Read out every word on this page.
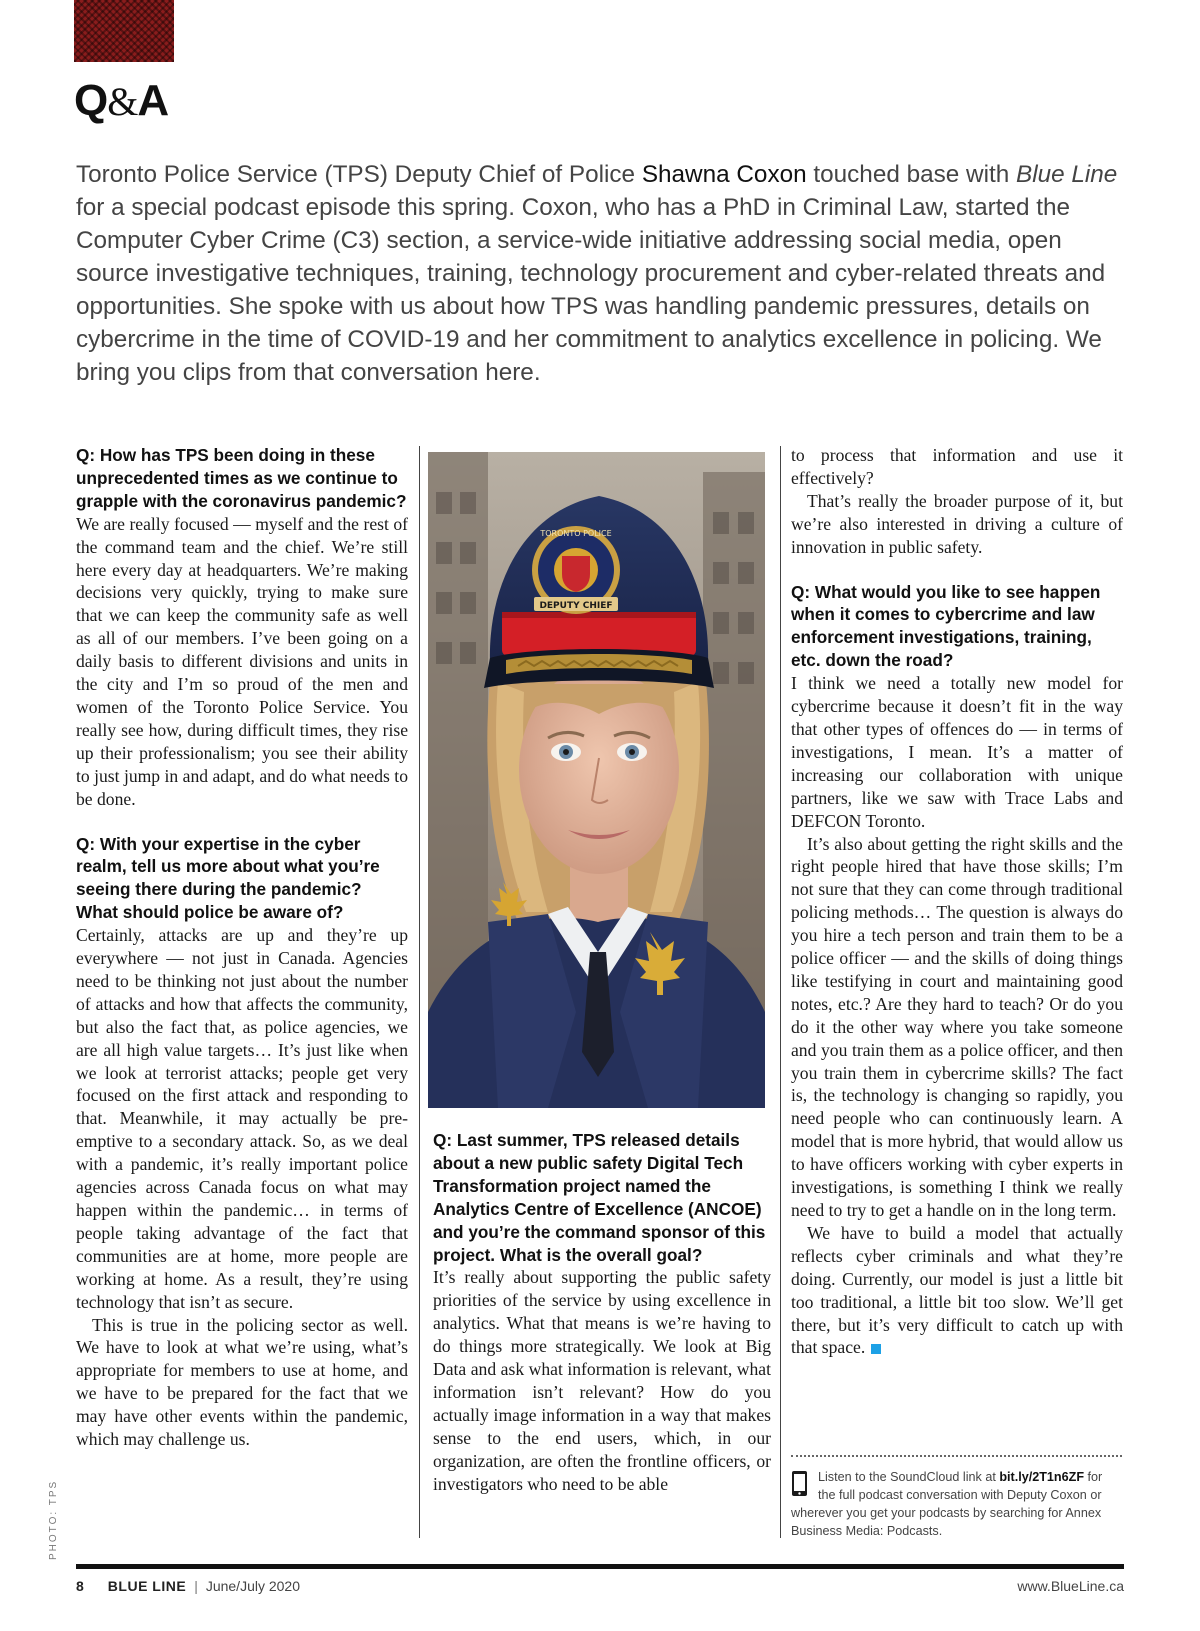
Q&A

Toronto Police Service (TPS) Deputy Chief of Police Shawna Coxon touched base with Blue Line for a special podcast episode this spring. Coxon, who has a PhD in Criminal Law, started the Computer Cyber Crime (C3) section, a service-wide initiative addressing social media, open source investigative techniques, training, technology procurement and cyber-related threats and opportunities. She spoke with us about how TPS was handling pandemic pressures, details on cybercrime in the time of COVID-19 and her commitment to analytics excellence in policing. We bring you clips from that conversation here.

Q: How has TPS been doing in these unprecedented times as we continue to grapple with the coronavirus pandemic?

We are really focused — myself and the rest of the command team and the chief. We’re still here every day at headquarters. We’re making decisions very quickly, trying to make sure that we can keep the community safe as well as all of our members. I’ve been going on a daily basis to different divisions and units in the city and I’m so proud of the men and women of the Toronto Police Service. You really see how, during difficult times, they rise up their professionalism; you see their ability to just jump in and adapt, and do what needs to be done.

Q: With your expertise in the cyber realm, tell us more about what you’re seeing there during the pandemic? What should police be aware of?

Certainly, attacks are up and they’re up everywhere — not just in Canada. Agencies need to be thinking not just about the number of attacks and how that affects the community, but also the fact that, as police agencies, we are all high value targets… It’s just like when we look at terrorist attacks; people get very focused on the first attack and responding to that. Meanwhile, it may actually be pre-emptive to a secondary attack. So, as we deal with a pandemic, it’s really important police agencies across Canada focus on what may happen within the pandemic… in terms of people taking advantage of the fact that communities are at home, more people are working at home. As a result, they’re using technology that isn’t as secure.

This is true in the policing sector as well. We have to look at what we’re using, what’s appropriate for members to use at home, and we have to be prepared for the fact that we may have other events within the pandemic, which may challenge us.

TORONTO POLICE
DEPUTY CHIEF
Q: Last summer, TPS released details about a new public safety Digital Tech Transformation project named the Analytics Centre of Excellence (ANCOE) and you’re the command sponsor of this project. What is the overall goal?

It’s really about supporting the public safety priorities of the service by using excellence in analytics. What that means is we’re having to do things more strategically. We look at Big Data and ask what information is relevant, what information isn’t relevant? How do you actually image information in a way that makes sense to the end users, which, in our organization, are often the frontline officers, or investigators who need to be able

to process that information and use it effectively?

That’s really the broader purpose of it, but we’re also interested in driving a culture of innovation in public safety.

Q: What would you like to see happen when it comes to cybercrime and law enforcement investigations, training, etc. down the road?

I think we need a totally new model for cybercrime because it doesn’t fit in the way that other types of offences do — in terms of investigations, I mean. It’s a matter of increasing our collaboration with unique partners, like we saw with Trace Labs and DEFCON Toronto.

It’s also about getting the right skills and the right people hired that have those skills; I’m not sure that they can come through traditional policing methods… The question is always do you hire a tech person and train them to be a police officer — and the skills of doing things like testifying in court and maintaining good notes, etc.? Are they hard to teach? Or do you do it the other way where you take someone and you train them as a police officer, and then you train them in cybercrime skills? The fact is, the technology is changing so rapidly, you need people who can continuously learn. A model that is more hybrid, that would allow us to have officers working with cyber experts in investigations, is something I think we really need to try to get a handle on in the long term.

We have to build a model that actually reflects cyber criminals and what they’re doing. Currently, our model is just a little bit too traditional, a little bit too slow. We’ll get there, but it’s very difficult to catch up with that space.

Listen to the SoundCloud link at bit.ly/2T1n6ZF for the full podcast conversation with Deputy Coxon or wherever you get your podcasts by searching for Annex Business Media: Podcasts.
PHOTO: TPS
8 BLUE LINE | June/July 2020	www.BlueLine.ca
